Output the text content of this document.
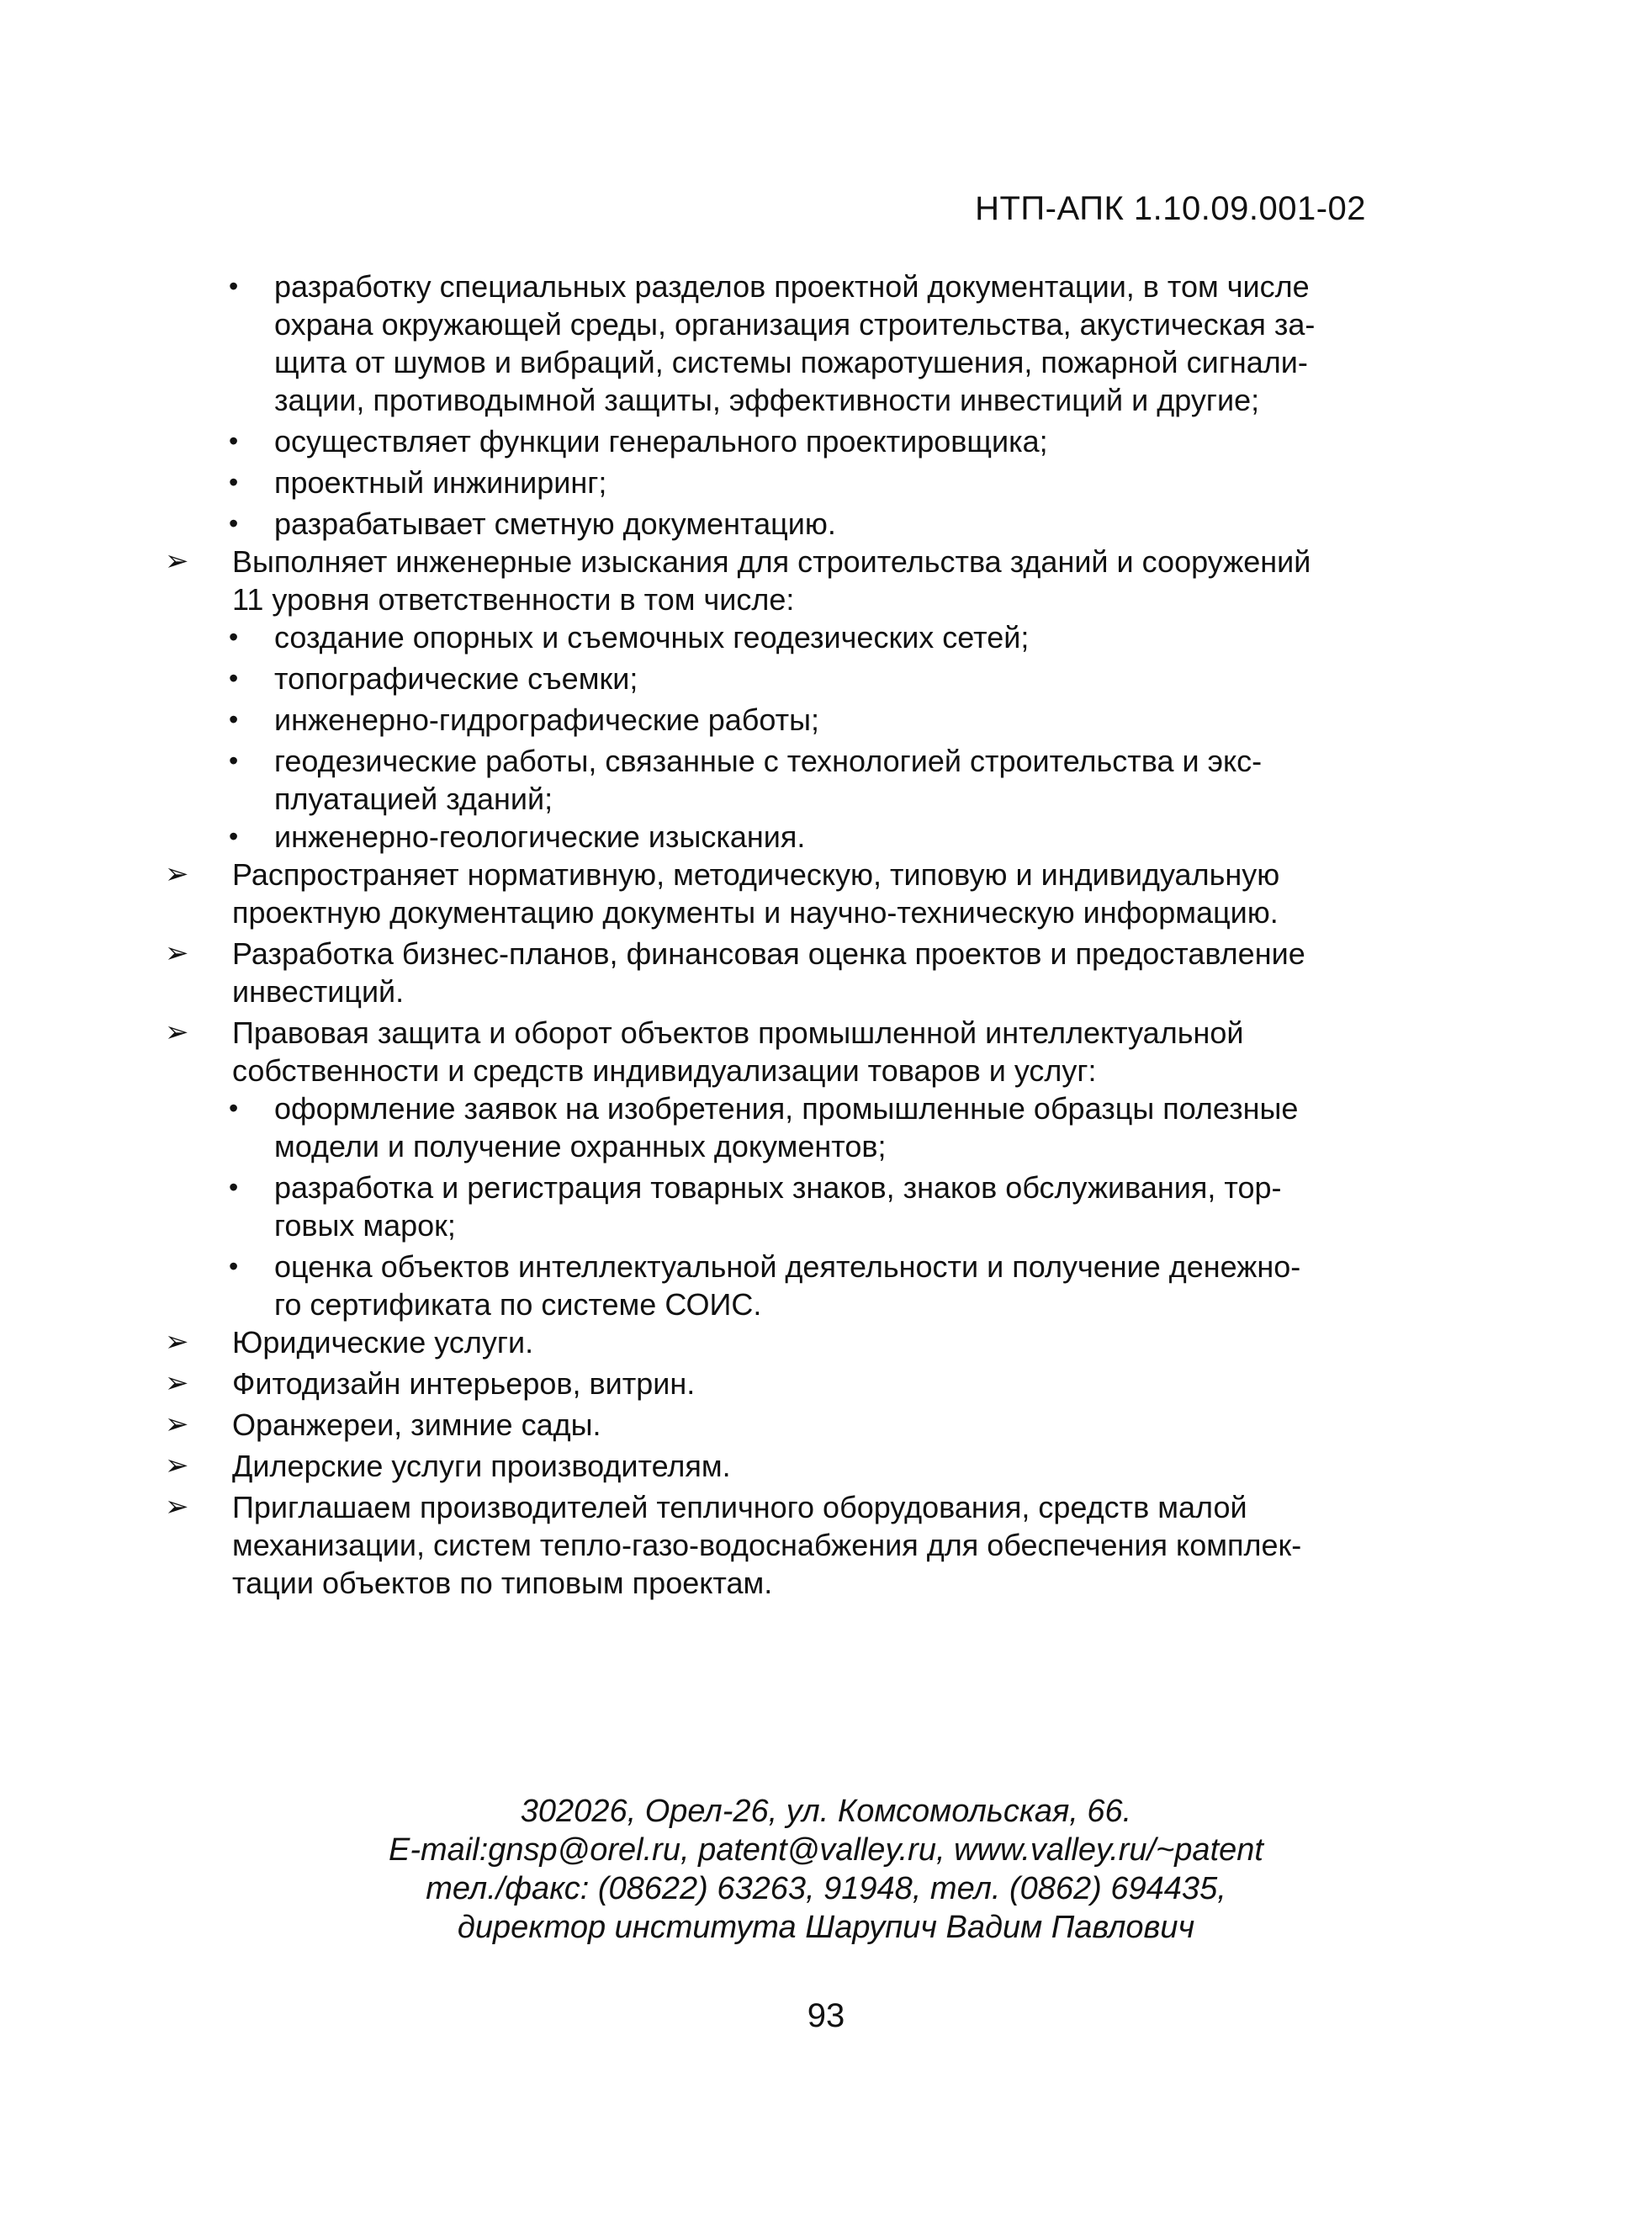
НТП-АПК 1.10.09.001-02
• разработку специальных разделов проектной документации, в том числе
охрана окружающей среды, организация строительства, акустическая за-
щита от шумов и вибраций, системы пожаротушения, пожарной сигнали-
зации, противодымной защиты, эффективности инвестиций и другие;
• осуществляет функции генерального проектировщика;
• проектный инжиниринг;
• разрабатывает сметную документацию.
➢	Выполняет инженерные изыскания для строительства зданий и сооружений
11 уровня ответственности в том числе:
• создание опорных и съемочных геодезических сетей;
• топографические съемки;
• инженерно-гидрографические работы;
• геодезические работы, связанные с технологией строительства и экс-
плуатацией зданий;
• инженерно-геологические изыскания.
➢	Распространяет нормативную, методическую, типовую и индивидуальную
проектную документацию документы и научно-техническую информацию.
➢	Разработка бизнес-планов, финансовая оценка проектов и предоставление
инвестиций.
➢	Правовая защита и оборот объектов промышленной интеллектуальной
собственности и средств индивидуализации товаров и услуг:
• оформление заявок на изобретения, промышленные образцы полезные
модели и получение охранных документов;
• разработка и регистрация товарных знаков, знаков обслуживания, тор-
говых марок;
• оценка объектов интеллектуальной деятельности и получение денежно-
го сертификата по системе СОИС.
➢	Юридические услуги.
➢	Фитодизайн интерьеров, витрин.
➢	Оранжереи, зимние сады.
➢	Дилерские услуги производителям.
➢	Приглашаем производителей тепличного оборудования, средств малой
механизации, систем тепло-газо-водоснабжения для обеспечения комплек-
тации объектов по типовым проектам.
302026, Орел-26, ул. Комсомольская, 66.
E-mail:gnsp@orel.ru, patent@valley.ru, www.valley.ru/~patent
тел./факс: (08622) 63263, 91948, тел. (0862) 694435,
директор института Шарупич Вадим Павлович
93
